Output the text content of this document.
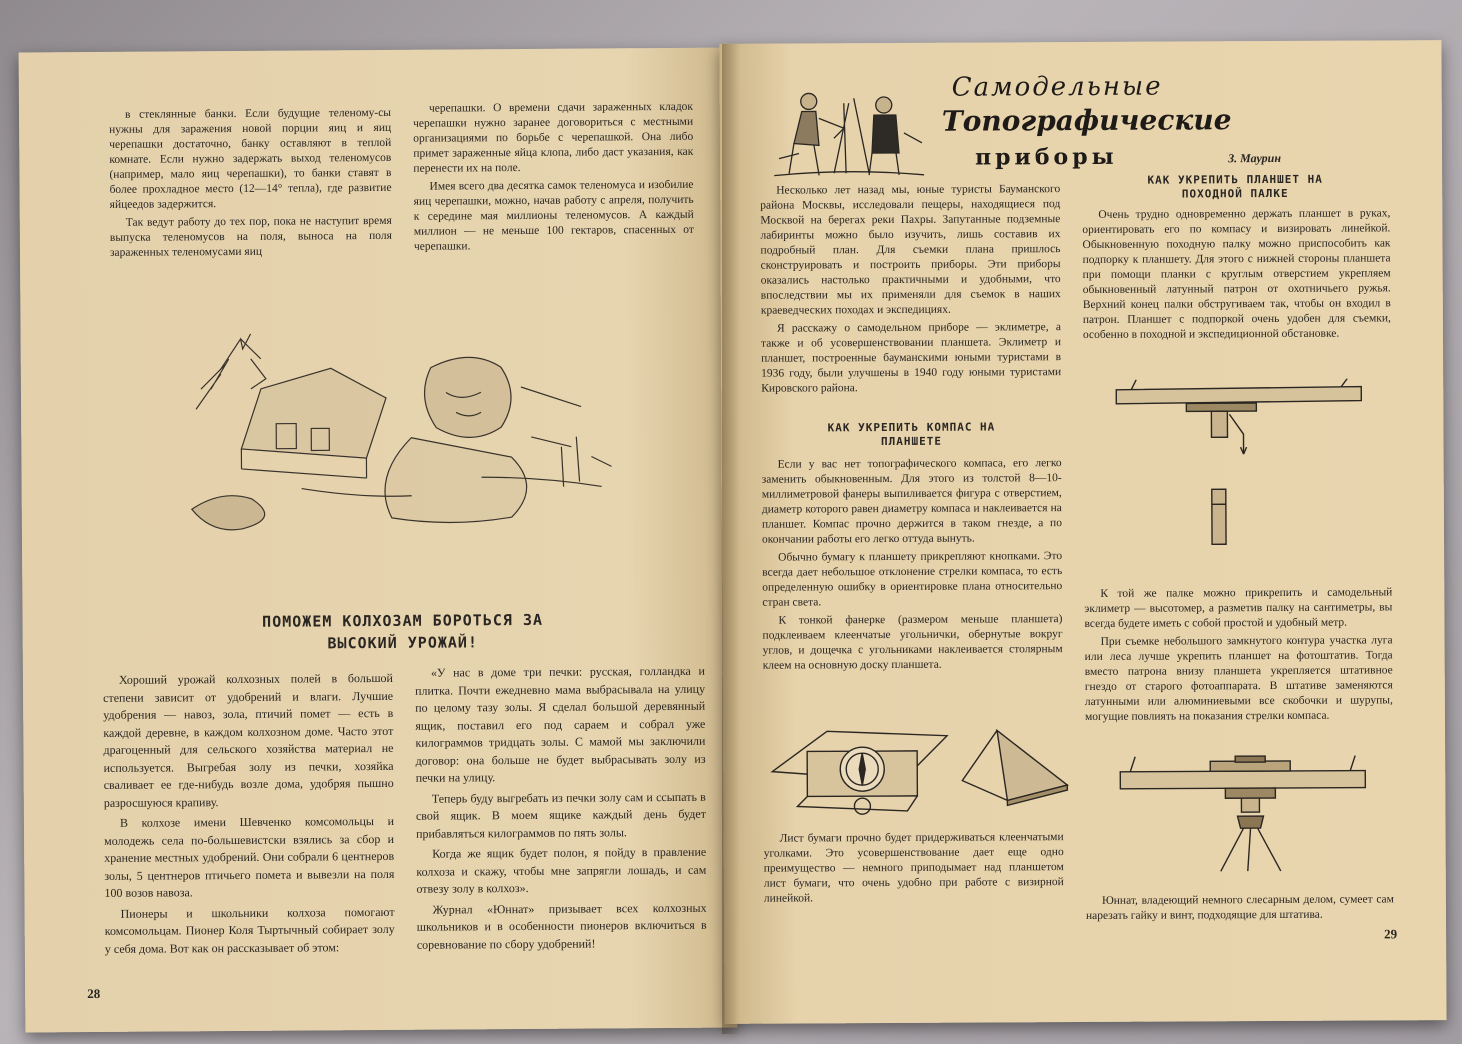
в стеклянные банки. Если будущие теленому-сы нужны для заражения новой порции яиц и яиц черепашки достаточно, банку оставляют в теплой комнате. Если нужно задержать выход теленомусов (например, мало яиц черепашки), то банки ставят в более прохладное место (12—14° тепла), где развитие яйцеедов задержится.

Так ведут работу до тех пор, пока не наступит время выпуска теленомусов на поля, выноса на поля зараженных теленомусами яиц

черепашки. О времени сдачи зараженных кладок черепашки нужно заранее договориться с местными организациями по борьбе с черепашкой. Она либо примет зараженные яйца клопа, либо даст указания, как перенести их на поле.

Имея всего два десятка самок теленомуса и изобилие яиц черепашки, можно, начав работу с апреля, получить к середине мая миллионы теленомусов. А каждый миллион — не меньше 100 гектаров, спасенных от черепашки.

ПОМОЖЕМ КОЛХОЗАМ БОРОТЬСЯ ЗА
ВЫСОКИЙ УРОЖАЙ!

Хороший урожай колхозных полей в большой степени зависит от удобрений и влаги. Лучшие удобрения — навоз, зола, птичий помет — есть в каждой деревне, в каждом колхозном доме. Часто этот драгоценный для сельского хозяйства материал не используется. Выгребая золу из печки, хозяйка сваливает ее где-нибудь возле дома, удобряя пышно разросшуюся крапиву.

В колхозе имени Шевченко комсомольцы и молодежь села по-большевистски взялись за сбор и хранение местных удобрений. Они собрали 6 центнеров золы, 5 центнеров птичьего помета и вывезли на поля 100 возов навоза.

Пионеры и школьники колхоза помогают комсомольцам. Пионер Коля Тыртычный собирает золу у себя дома. Вот как он рассказывает об этом:

«У нас в доме три печки: русская, голландка и плитка. Почти ежедневно мама выбрасывала на улицу по целому тазу золы. Я сделал большой деревянный ящик, поставил его под сараем и собрал уже килограммов тридцать золы. С мамой мы заключили договор: она больше не будет выбрасывать золу из печки на улицу.

Теперь буду выгребать из печки золу сам и ссыпать в свой ящик. В моем ящике каждый день будет прибавляться килограммов по пять золы.

Когда же ящик будет полон, я пойду в правление колхоза и скажу, чтобы мне запрягли лошадь, и сам отвезу золу в колхоз».

Журнал «Юннат» призывает всех колхозных школьников и в особенности пионеров включиться в соревнование по сбору удобрений!

28
Самодельные
Топографические
приборы	З. Маурин

Несколько лет назад мы, юные туристы Бауманского района Москвы, исследовали пещеры, находящиеся под Москвой на берегах реки Пахры. Запутанные подземные лабиринты можно было изучить, лишь составив их подробный план. Для съемки плана пришлось сконструировать и построить приборы. Эти приборы оказались настолько практичными и удобными, что впоследствии мы их применяли для съемок в наших краеведческих походах и экспедициях.

Я расскажу о самодельном приборе — эклиметре, а также и об усовершенствовании планшета. Эклиметр и планшет, построенные бауманскими юными туристами в 1936 году, были улучшены в 1940 году юными туристами Кировского района.

КАК УКРЕПИТЬ КОМПАС НА
ПЛАНШЕТЕ

Если у вас нет топографического компаса, его легко заменить обыкновенным. Для этого из толстой 8—10-миллиметровой фанеры выпиливается фигура с отверстием, диаметр которого равен диаметру компаса и наклеивается на планшет. Компас прочно держится в таком гнезде, а по окончании работы его легко оттуда вынуть.

Обычно бумагу к планшету прикрепляют кнопками. Это всегда дает небольшое отклонение стрелки компаса, то есть определенную ошибку в ориентировке плана относительно стран света.

К тонкой фанерке (размером меньше планшета) подклеиваем клеенчатые угольнички, обернутые вокруг углов, и дощечка с угольниками наклеивается столярным клеем на основную доску планшета.

Лист бумаги прочно будет придерживаться клеенчатыми уголками. Это усовершенствование дает еще одно преимущество — немного приподымает над планшетом лист бумаги, что очень удобно при работе с визирной линейкой.

КАК УКРЕПИТЬ ПЛАНШЕТ НА
ПОХОДНОЙ ПАЛКЕ

Очень трудно одновременно держать планшет в руках, ориентировать его по компасу и визировать линейкой. Обыкновенную походную палку можно приспособить как подпорку к планшету. Для этого с нижней стороны планшета при помощи планки с круглым отверстием укрепляем обыкновенный латунный патрон от охотничьего ружья. Верхний конец палки обстругиваем так, чтобы он входил в патрон. Планшет с подпоркой очень удобен для съемки, особенно в походной и экспедиционной обстановке.

К той же палке можно прикрепить и самодельный эклиметр — высотомер, а разметив палку на сантиметры, вы всегда будете иметь с собой простой и удобный метр.

При съемке небольшого замкнутого контура участка луга или леса лучше укрепить планшет на фотоштатив. Тогда вместо патрона внизу планшета укрепляется штативное гнездо от старого фотоаппарата. В штативе заменяются латунными или алюминиевыми все скобочки и шурупы, могущие повлиять на показания стрелки компаса.

Юннат, владеющий немного слесарным делом, сумеет сам нарезать гайку и винт, подходящие для штатива.

29
